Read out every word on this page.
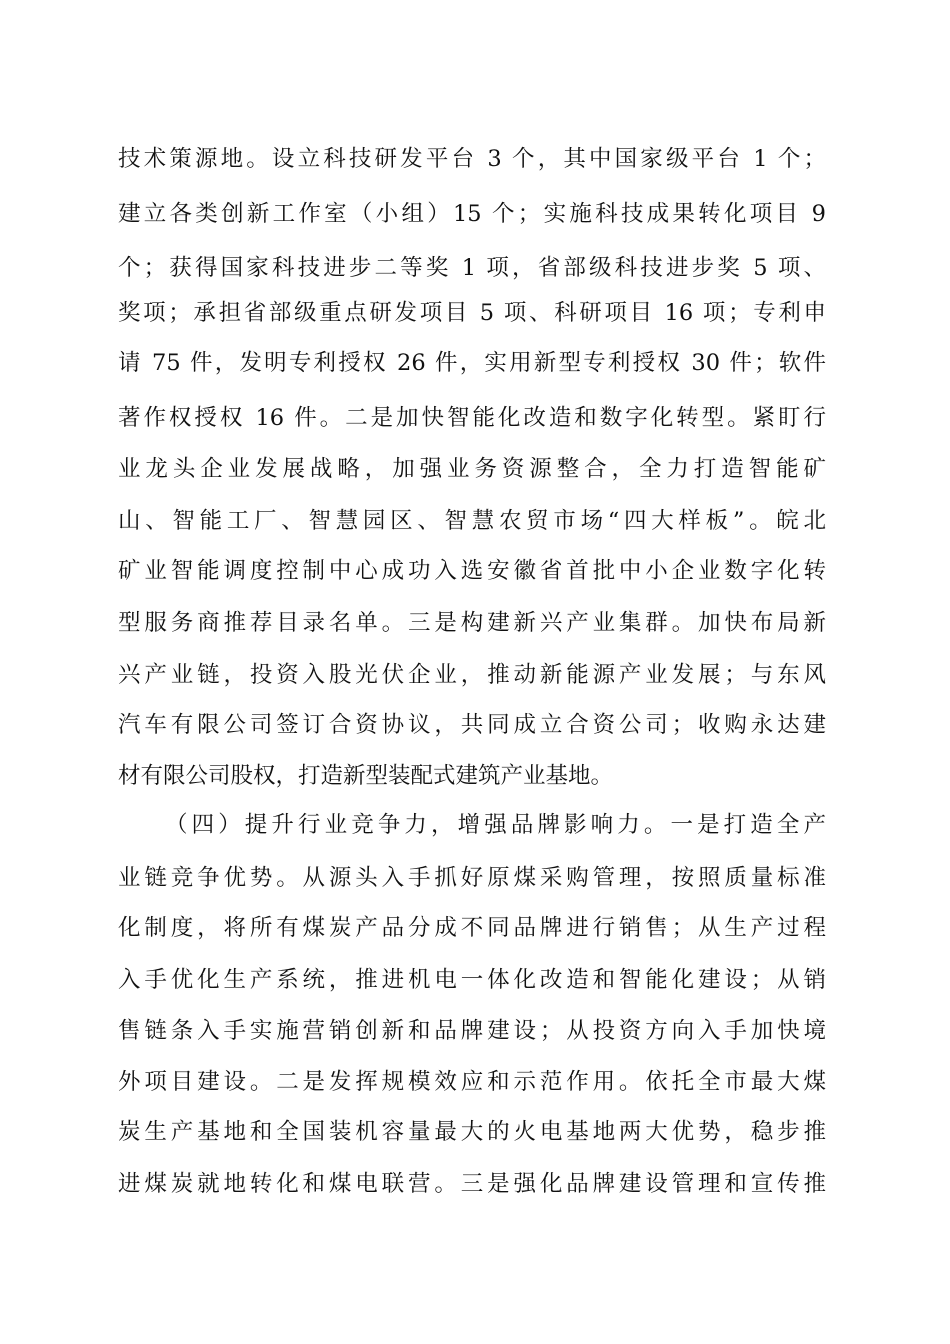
技术策源地。设立科技研发平台 3 个，其中国家级平台 1 个；
建立各类创新工作室（小组）15 个；实施科技成果转化项目 9
个；获得国家科技进步二等奖 1 项，省部级科技进步奖 5 项、
奖项；承担省部级重点研发项目 5 项、科研项目 16 项；专利申
请 75 件，发明专利授权 26 件，实用新型专利授权 30 件；软件
著作权授权 16 件。二是加快智能化改造和数字化转型。紧盯行
业龙头企业发展战略，加强业务资源整合，全力打造智能矿
山、智能工厂、智慧园区、智慧农贸市场“四大样板”。皖北
矿业智能调度控制中心成功入选安徽省首批中小企业数字化转
型服务商推荐目录名单。三是构建新兴产业集群。加快布局新
兴产业链，投资入股光伏企业，推动新能源产业发展；与东风
汽车有限公司签订合资协议，共同成立合资公司；收购永达建
材有限公司股权，打造新型装配式建筑产业基地。
（四）提升行业竞争力，增强品牌影响力。一是打造全产
业链竞争优势。从源头入手抓好原煤采购管理，按照质量标准
化制度，将所有煤炭产品分成不同品牌进行销售；从生产过程
入手优化生产系统，推进机电一体化改造和智能化建设；从销
售链条入手实施营销创新和品牌建设；从投资方向入手加快境
外项目建设。二是发挥规模效应和示范作用。依托全市最大煤
炭生产基地和全国装机容量最大的火电基地两大优势，稳步推
进煤炭就地转化和煤电联营。三是强化品牌建设管理和宣传推
